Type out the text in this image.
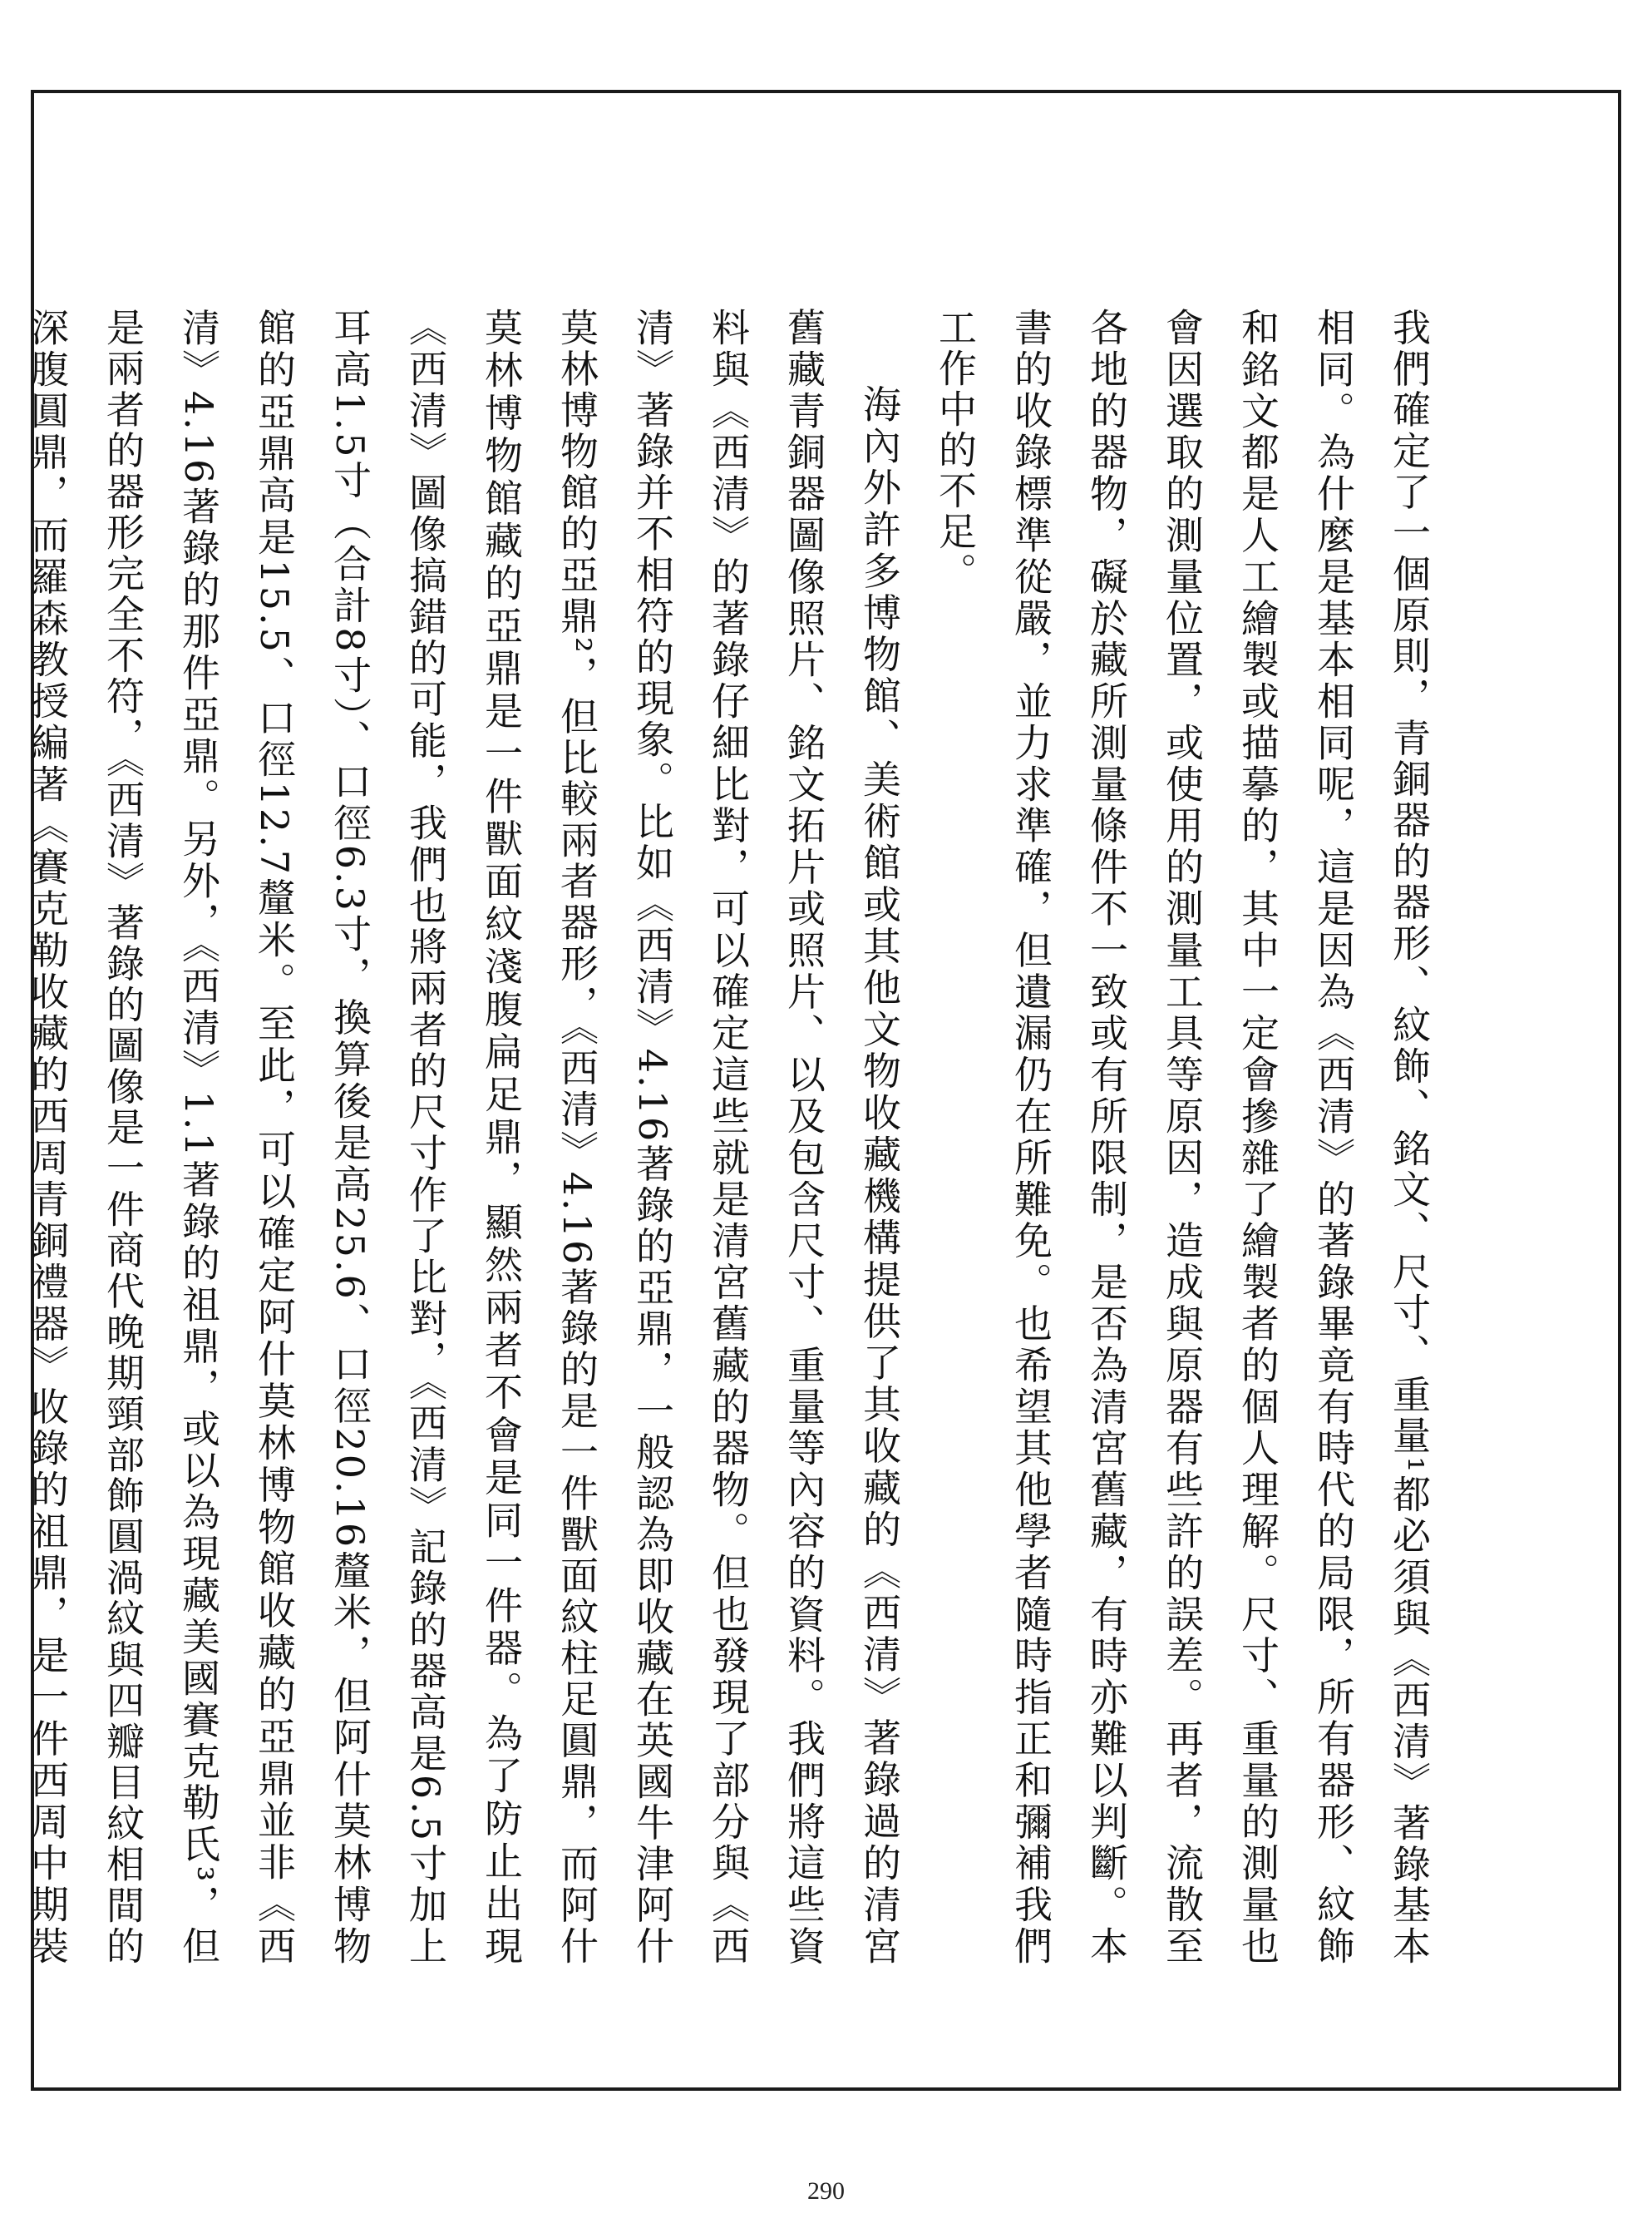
我們確定了一個原則，青銅器的器形、紋飾、銘文、尺寸、重量¹都必須與《西清》著錄基本相同。為什麼是基本相同呢，這是因為《西清》的著錄畢竟有時代的局限，所有器形、紋飾和銘文都是人工繪製或描摹的，其中一定會摻雜了繪製者的個人理解。尺寸、重量的測量也會因選取的測量位置，或使用的測量工具等原因，造成與原器有些許的誤差。再者，流散至各地的器物，礙於藏所測量條件不一致或有所限制，是否為清宮舊藏，有時亦難以判斷。本書的收錄標準從嚴，並力求準確，但遺漏仍在所難免。也希望其他學者隨時指正和彌補我們工作中的不足。

海內外許多博物館、美術館或其他文物收藏機構提供了其收藏的《西清》著錄過的清宮舊藏青銅器圖像照片、銘文拓片或照片、以及包含尺寸、重量等內容的資料。我們將這些資料與《西清》的著錄仔細比對，可以確定這些就是清宮舊藏的器物。但也發現了部分與《西清》著錄并不相符的現象。比如《西清》4.16著錄的亞鼎，一般認為即收藏在英國牛津阿什莫林博物館的亞鼎²，但比較兩者器形，《西清》4.16著錄的是一件獸面紋柱足圓鼎，而阿什莫林博物館藏的亞鼎是一件獸面紋淺腹扁足鼎，顯然兩者不會是同一件器。為了防止出現《西清》圖像搞錯的可能，我們也將兩者的尺寸作了比對，《西清》記錄的器高是6.5寸加上耳高1.5寸（合計8寸）、口徑6.3寸，換算後是高25.6、口徑20.16釐米，但阿什莫林博物館的亞鼎高是15.5、口徑12.7釐米。至此，可以確定阿什莫林博物館收藏的亞鼎並非《西清》4.16著錄的那件亞鼎。另外，《西清》1.1著錄的祖鼎，或以為現藏美國賽克勒氏³，但是兩者的器形完全不符，《西清》著錄的圖像是一件商代晚期頸部飾圓渦紋與四瓣目紋相間的深腹圓鼎，而羅森教授編著《賽克勒收藏的西周青銅禮器》收錄的祖鼎，是一件西周中期裝

290
